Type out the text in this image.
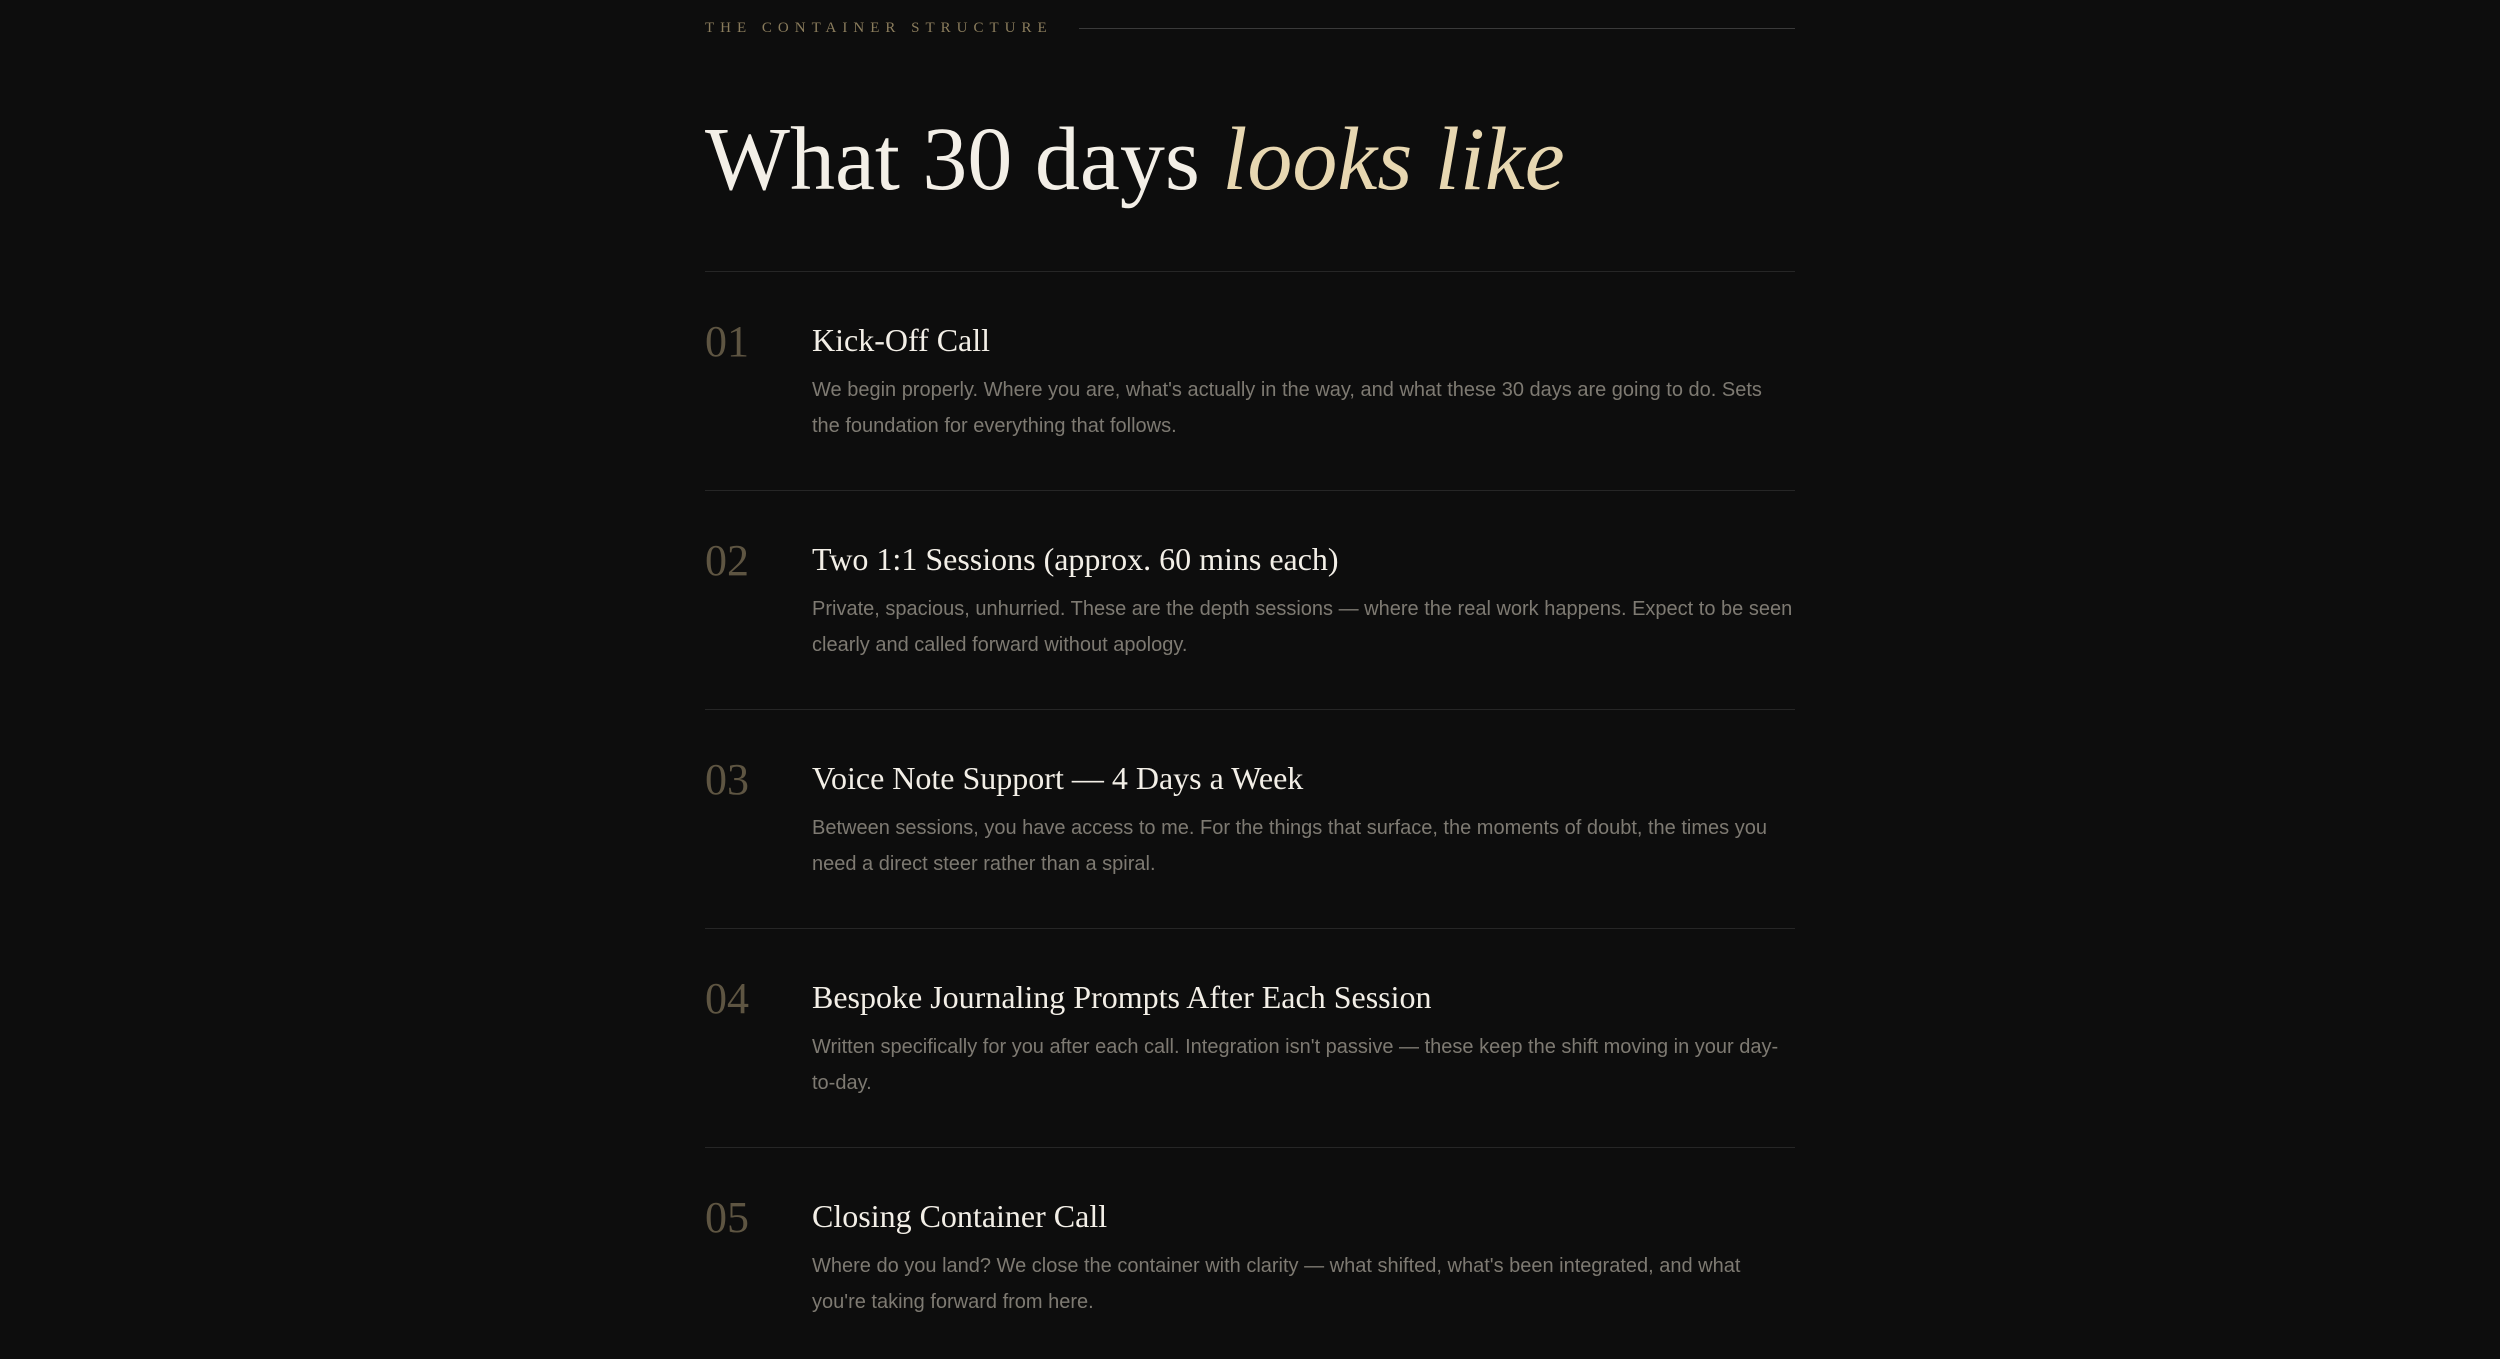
THE CONTAINER STRUCTURE
What 30 days looks like
01	Kick-Off Call
We begin properly. Where you are, what's actually in the way, and what these 30 days are going to do. Sets the foundation for everything that follows.
02	Two 1:1 Sessions (approx. 60 mins each)
Private, spacious, unhurried. These are the depth sessions — where the real work happens. Expect to be seen clearly and called forward without apology.
03	Voice Note Support — 4 Days a Week
Between sessions, you have access to me. For the things that surface, the moments of doubt, the times you need a direct steer rather than a spiral.
04	Bespoke Journaling Prompts After Each Session
Written specifically for you after each call. Integration isn't passive — these keep the shift moving in your day-to-day.
05	Closing Container Call
Where do you land? We close the container with clarity — what shifted, what's been integrated, and what you're taking forward from here.
